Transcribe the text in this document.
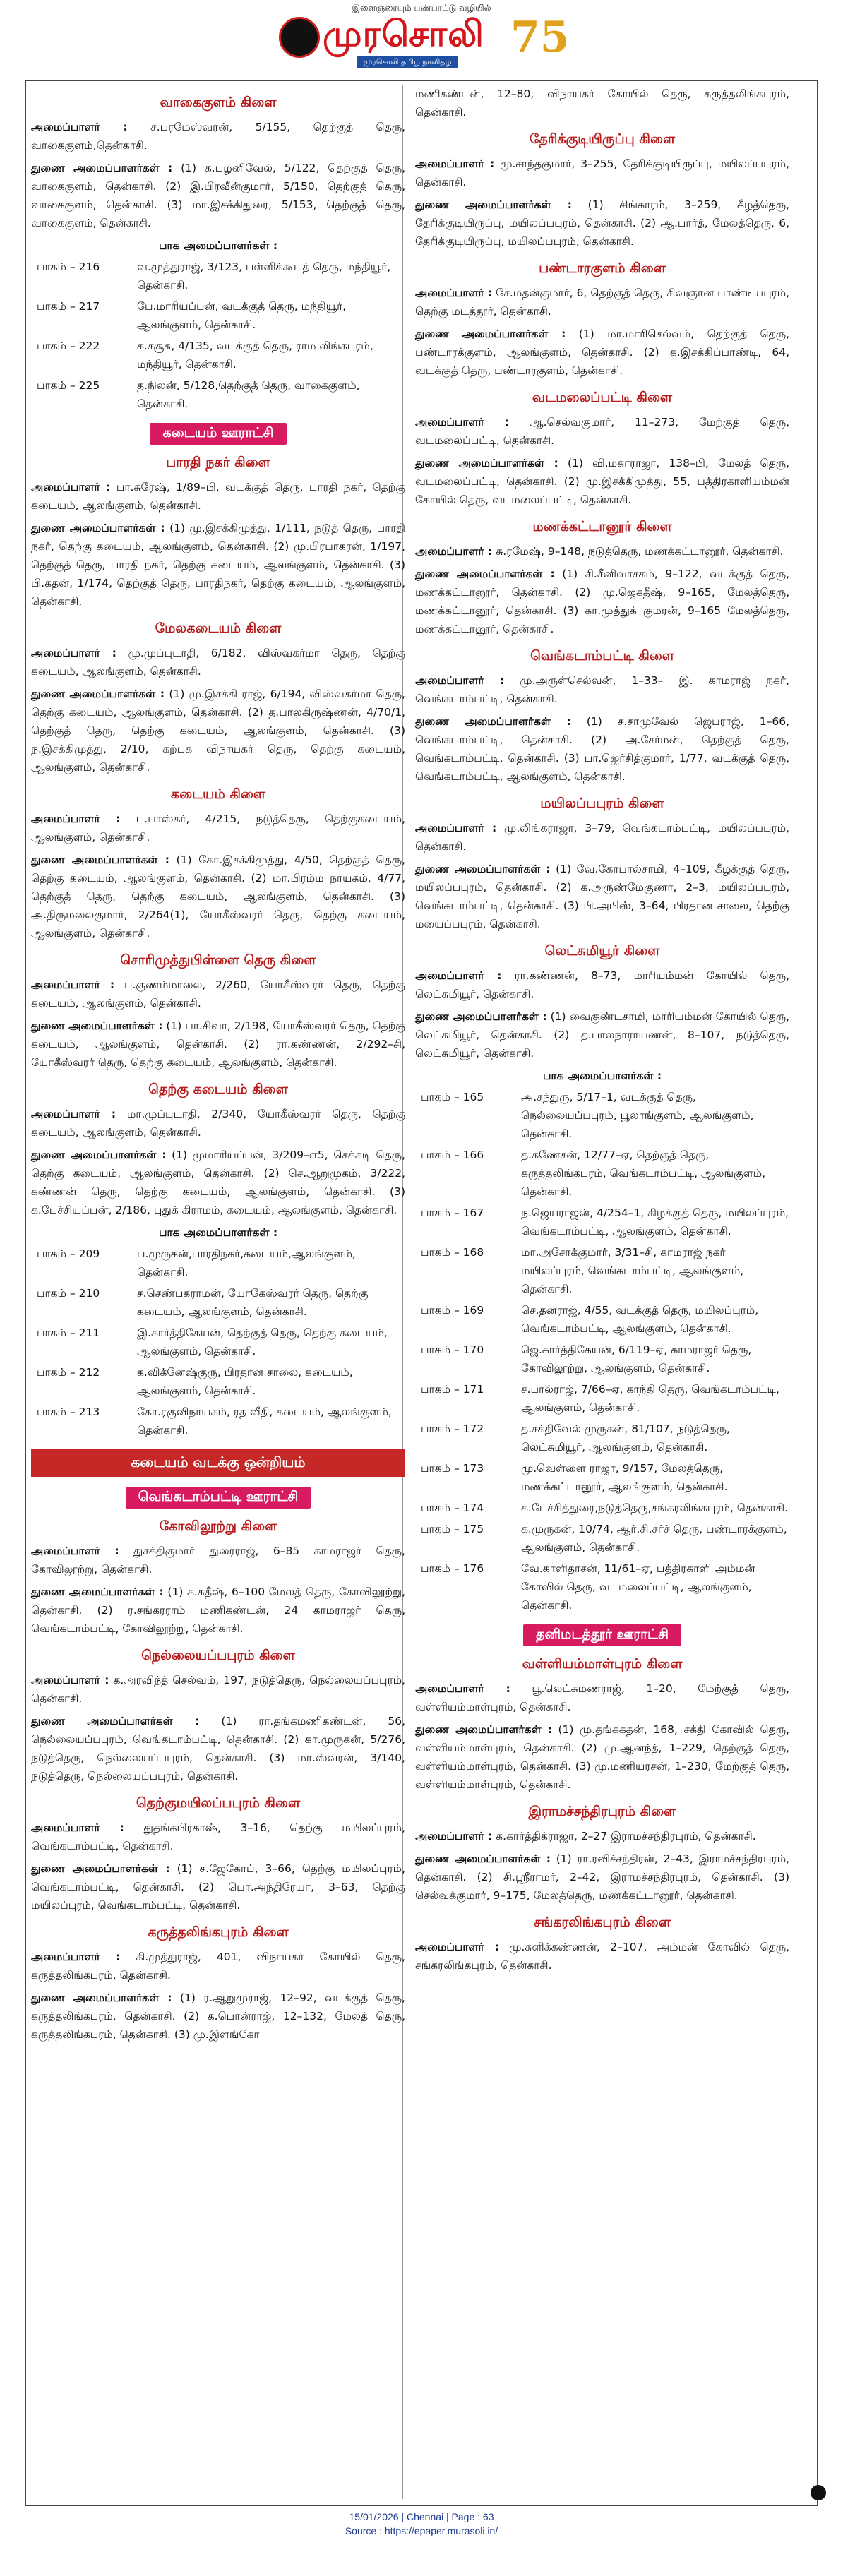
இளைஞரையும் பண்பாட்டு வழியில்
முரசொலி
முரசொலி தமிழ் நாளிதழ் 75
வாகைகுளம் கிளை
அமைப்பாளர் : ச.பரமேஸ்வரன், 5/155, தெற்குத் தெரு, வாகைகுளம்,தென்காசி.
துணை அமைப்பாளர்கள் : (1) க.பழனிவேல், 5/122, தெற்குத் தெரு, வாகைகுளம், தென்காசி. (2) இ.பிரவீன்குமார், 5/150, தெற்குத் தெரு, வாகைகுளம், தென்காசி. (3) மா.இசக்கிதுரை, 5/153, தெற்குத் தெரு, வாகைகுளம், தென்காசி.
பாக அமைப்பாளர்கள் :
பாகம் – 216	வ.முத்துராஜ், 3/123, பள்ளிக்கூடத் தெரு, மந்தியூர், தென்காசி.
பாகம் – 217	பே.மாரியப்பன், வடக்குத் தெரு, மந்தியூர், ஆலங்குளம், தென்காசி.
பாகம் – 222	க.சசூசு, 4/135, வடக்குத் தெரு, ராம லிங்கபுரம், மந்தியூர், தென்காசி.
பாகம் – 225	த.நிலன், 5/128,தெற்குத் தெரு, வாகைகுளம், தென்காசி.
கடையம் ஊராட்சி
பாரதி நகர் கிளை
அமைப்பாளர் : பா.சுரேஷ், 1/89–பி, வடக்குத் தெரு, பாரதி நகர், தெற்கு கடையம், ஆலங்குளம், தென்காசி.
துணை அமைப்பாளர்கள் : (1) மு.இசக்கிமுத்து, 1/111, நடுத் தெரு, பாரதி நகர், தெற்கு கடையம், ஆலங்குளம், தென்காசி. (2) மு.பிரபாகரன், 1/197, தெற்குத் தெரு, பாரதி நகர், தெற்கு கடையம், ஆலங்குளம், தென்காசி. (3) பி.கதன், 1/174, தெற்குத் தெரு, பாரதிநகர், தெற்கு கடையம், ஆலங்குளம், தென்காசி.
மேலகடையம் கிளை
அமைப்பாளர் : மு.முப்புடாதி, 6/182, விஸ்வகர்மா தெரு, தெற்கு கடையம், ஆலங்குளம், தென்காசி.
துணை அமைப்பாளர்கள் : (1) மு.இசக்கி ராஜ், 6/194, விஸ்வகர்மா தெரு, தெற்கு கடையம், ஆலங்குளம், தென்காசி. (2) த.பாலகிருஷ்ணன், 4/70/1, தெற்குத் தெரு, தெற்கு கடையம், ஆலங்குளம், தென்காசி. (3) ந.இசக்கிமுத்து, 2/10, கற்பக விநாயகர் தெரு, தெற்கு கடையம், ஆலங்குளம், தென்காசி.
கடையம் கிளை
அமைப்பாளர் : ப.பாஸ்கர், 4/215, நடுத்தெரு, தெற்குகடையம், ஆலங்குளம், தென்காசி.
துணை அமைப்பாளர்கள் : (1) கோ.இசக்கிமுத்து, 4/50, தெற்குத் தெரு, தெற்கு கடையம், ஆலங்குளம், தென்காசி. (2) மா.பிரம்ம நாயகம், 4/77, தெற்குத் தெரு, தெற்கு கடையம், ஆலங்குளம், தென்காசி. (3) அ.திருமலைகுமார், 2/264(1), யோகீஸ்வரர் தெரு, தெற்கு கடையம், ஆலங்குளம், தென்காசி.
சொரிமுத்துபிள்ளை தெரு கிளை
அமைப்பாளர் : ப.குணம்மாலை, 2/260, யோகீஸ்வரர் தெரு, தெற்கு கடையம், ஆலங்குளம், தென்காசி.
துணை அமைப்பாளர்கள் : (1) பா.சிவா, 2/198, யோகீஸ்வரர் தெரு, தெற்கு கடையம், ஆலங்குளம், தென்காசி. (2) ரா.கண்ணன், 2/292–சி, யோகீஸ்வரர் தெரு, தெற்கு கடையம், ஆலங்குளம், தென்காசி.
தெற்கு கடையம் கிளை
அமைப்பாளர் : மா.முப்புடாதி, 2/340, யோகீஸ்வரர் தெரு, தெற்கு கடையம், ஆலங்குளம், தென்காசி.
துணை அமைப்பாளர்கள் : (1) முமாரியப்பன், 3/209–எ5, செக்கடி தெரு, தெற்கு கடையம், ஆலங்குளம், தென்காசி. (2) செ.ஆறுமுகம், 3/222, கண்ணன் தெரு, தெற்கு கடையம், ஆலங்குளம், தென்காசி. (3) க.பேச்சியப்பன், 2/186, புதுக் கிராமம், கடையம், ஆலங்குளம், தென்காசி.
பாக அமைப்பாளர்கள் :
பாகம் – 209	ப.முருகன்,பாரதிநகர்,கடையம்,ஆலங்குளம், தென்காசி.
பாகம் – 210	ச.செண்பகராமன், யோகேஸ்வரர் தெரு, தெற்கு கடையம், ஆலங்குளம், தென்காசி.
பாகம் – 211	இ.கார்த்திகேயன், தெற்குத் தெரு, தெற்கு கடையம், ஆலங்குளம், தென்காசி.
பாகம் – 212	க.விக்னேஷ்குரு, பிரதான சாலை, கடையம், ஆலங்குளம், தென்காசி.
பாகம் – 213	கோ.ரகுவிநாயகம், ரத வீதி, கடையம், ஆலங்குளம், தென்காசி.
கடையம் வடக்கு ஒன்றியம்
வெங்கடாம்பட்டி ஊராட்சி
கோவிலூற்று கிளை
அமைப்பாளர் : துசக்திகுமார் துரைராஜ், 6–85 காமராஜர் தெரு, கோவிலூற்று, தென்காசி.
துணை அமைப்பாளர்கள் : (1) க.சுதீஷ், 6–100 மேலத் தெரு, கோவிலூற்று, தென்காசி. (2) ர.சங்கரராம் மணிகண்டன், 24 காமராஜர் தெரு, வெங்கடாம்பட்டி, கோவிலூற்று, தென்காசி.
நெல்லையப்பபுரம் கிளை
அமைப்பாளர் : க.அரவிந்த் செல்வம், 197, நடுத்தெரு, நெல்லையப்பபுரம், தென்காசி.
துணை அமைப்பாளர்கள் : (1) ரா.தங்கமணிகண்டன், 56, நெல்லையப்பபுரம், வெங்கடாம்பட்டி, தென்காசி. (2) கா.முருகன், 5/276, நடுத்தெரு, நெல்லையப்பபுரம், தென்காசி. (3) மா.ஸ்வரன், 3/140, நடுத்தெரு, நெல்லையப்பபுரம், தென்காசி.
தெற்குமயிலப்பபுரம் கிளை
அமைப்பாளர் : துதங்கபிரகாஷ், 3–16, தெற்கு மயிலப்புரம், வெங்கடாம்பட்டி, தென்காசி.
துணை அமைப்பாளர்கள் : (1) ச.ஜேகோப், 3–66, தெற்கு மயிலப்புரம், வெங்கடாம்பட்டி, தென்காசி. (2) பொ.அந்திரேயா, 3–63, தெற்கு மயிலப்புரம், வெங்கடாம்பட்டி, தென்காசி.
கருத்தலிங்கபுரம் கிளை
அமைப்பாளர் : கி.முத்துராஜ், 401, விநாயகர் கோயில் தெரு, கருத்தலிங்கபுரம், தென்காசி.
துணை அமைப்பாளர்கள் : (1) ர.ஆறுமுராஜ், 12–92, வடக்குத் தெரு, கருத்தலிங்கபுரம், தென்காசி. (2) க.பொன்ராஜ், 12–132, மேலத் தெரு, கருத்தலிங்கபுரம், தென்காசி. (3) மு.இளங்கோ
மணிகண்டன், 12–80, விநாயகர் கோயில் தெரு, கருத்தலிங்கபுரம், தென்காசி.
தேரிக்குடியிருப்பு கிளை
அமைப்பாளர் : மு.சாந்தகுமார், 3–255, தேரிக்குடியிருப்பு, மயிலப்பபுரம், தென்காசி.
துணை அமைப்பாளர்கள் : (1) சிங்காரம், 3–259, கீழத்தெரு, தேரிக்குடியிருப்பு, மயிலப்பபுரம், தென்காசி. (2) ஆ.பார்த், மேலத்தெரு, 6, தேரிக்குடியிருப்பு, மயிலப்பபுரம், தென்காசி.
பண்டாரகுளம் கிளை
அமைப்பாளர் : சே.மதன்குமார், 6, தெற்குத் தெரு, சிவஞான பாண்டியபுரம், தெற்கு மடத்தூர், தென்காசி.
துணை அமைப்பாளர்கள் : (1) மா.மாரிசெல்வம், தெற்குத் தெரு, பண்டாரக்குளம், ஆலங்குளம், தென்காசி. (2) க.இசக்கிப்பாண்டி, 64, வடக்குத் தெரு, பண்டாரகுளம், தென்காசி.
வடமலைப்பட்டி கிளை
அமைப்பாளர் : ஆ.செல்வகுமார், 11–273, மேற்குத் தெரு, வடமலைப்பட்டி, தென்காசி.
துணை அமைப்பாளர்கள் : (1) வி.மகாராஜா, 138–பி, மேலத் தெரு, வடமலைப்பட்டி, தென்காசி. (2) மு.இசக்கிமுத்து, 55, பத்திரகாளியம்மன் கோயில் தெரு, வடமலைப்பட்டி, தென்காசி.
மணக்கட்டானூர் கிளை
அமைப்பாளர் : சு.ரமேஷ், 9–148, நடுத்தெரு, மணக்கட்டானூர், தென்காசி.
துணை அமைப்பாளர்கள் : (1) சி.சீனிவாசகம், 9–122, வடக்குத் தெரு, மணக்கட்டானூர், தென்காசி. (2) மு.ஜெகதீஷ், 9–165, மேலத்தெரு, மணக்கட்டானூர், தென்காசி. (3) கா.முத்துக் குமரன், 9–165 மேலத்தெரு, மணக்கட்டானூர், தென்காசி.
வெங்கடாம்பட்டி கிளை
அமைப்பாளர் : மு.அருள்செல்வன், 1–33– இ. காமராஜ் நகர், வெங்கடாம்பட்டி, தென்காசி.
துணை அமைப்பாளர்கள் : (1) ச.சாமுவேல் ஜெபராஜ், 1–66, வெங்கடாம்பட்டி, தென்காசி. (2) அ.சேர்மன், தெற்குத் தெரு, வெங்கடாம்பட்டி, தென்காசி. (3) பா.ஜெர்சித்குமார், 1/77, வடக்குத் தெரு, வெங்கடாம்பட்டி, ஆலங்குளம், தென்காசி.
மயிலப்பபுரம் கிளை
அமைப்பாளர் : மு.லிங்கராஜா, 3–79, வெங்கடாம்பட்டி, மயிலப்பபுரம், தென்காசி.
துணை அமைப்பாளர்கள் : (1) வே.கோபால்சாமி, 4–109, கீழக்குத் தெரு, மயிலப்பபுரம், தென்காசி. (2) க.அருண்மேகுணா, 2–3, மயிலப்பபுரம், வெங்கடாம்பட்டி, தென்காசி. (3) பி.அபிஸ், 3–64, பிரதான சாலை, தெற்கு மயைப்பபுரம், தென்காசி.
லெட்சுமியூர் கிளை
அமைப்பாளர் : ரா.கண்ணன், 8–73, மாரியம்மன் கோயில் தெரு, லெட்சுமியூர், தென்காசி.
துணை அமைப்பாளர்கள் : (1) வைகுண்டசாமி, மாரியம்மன் கோயில் தெரு, லெட்சுமியூர், தென்காசி. (2) த.பாலநாராயணன், 8–107, நடுத்தெரு, லெட்சுமியூர், தென்காசி.
பாக அமைப்பாளர்கள் :
பாகம் – 165	அ.சந்துரு, 5/17–1, வடக்குத் தெரு, நெல்லையப்பபுரம், பூலாங்குளம், ஆலங்குளம், தென்காசி.
பாகம் – 166	த.கணேசன், 12/77–ஏ, தெற்குத் தெரு, கருத்தலிங்கபுரம், வெங்கடாம்பட்டி, ஆலங்குளம், தென்காசி.
பாகம் – 167	ந.ஜெயராஜன், 4/254–1, கிழக்குத் தெரு, மயிலப்புரம், வெங்கடாம்பட்டி, ஆலங்குளம், தென்காசி.
பாகம் – 168	மா.அசோக்குமார், 3/31–சி, காமராஜ் நகர் மயிலப்புரம், வெங்கடாம்பட்டி, ஆலங்குளம், தென்காசி.
பாகம் – 169	செ.தனராஜ், 4/55, வடக்குத் தெரு, மயிலப்புரம், வெங்கடாம்பட்டி, ஆலங்குளம், தென்காசி.
பாகம் – 170	ஜெ.கார்த்திகேயன், 6/119–ஏ, காமராஜர் தெரு, கோவிலூற்று, ஆலங்குளம், தென்காசி.
பாகம் – 171	ச.பால்ராஜ், 7/66–ஏ, காந்தி தெரு, வெங்கடாம்பட்டி, ஆலங்குளம், தென்காசி.
பாகம் – 172	த.சக்திவேல் முருகன், 81/107, நடுத்தெரு, லெட்சுமியூர், ஆலங்குளம், தென்காசி.
பாகம் – 173	மு.வெள்ளை ராஜா, 9/157, மேலத்தெரு, மணக்கட்டானூர், ஆலங்குளம், தென்காசி.
பாகம் – 174	க.பேச்சித்துரை,நடுத்தெரு,சங்கரலிங்கபுரம், தென்காசி.
பாகம் – 175	க.முருகன், 10/74, ஆர்.சி.சர்ச் தெரு, பண்டாரக்குளம், ஆலங்குளம், தென்காசி.
பாகம் – 176	வே.காளிதாசன், 11/61–ஏ, பத்திரகாளி அம்மன் கோவில் தெரு, வடமலைப்பட்டி, ஆலங்குளம், தென்காசி.
தனிமடத்தூர் ஊராட்சி
வள்ளியம்மாள்புரம் கிளை
அமைப்பாளர் : பூ.லெட்சுமணராஜ், 1–20, மேற்குத் தெரு, வள்ளியம்மாள்புரம், தென்காசி.
துணை அமைப்பாளர்கள் : (1) மு.தங்ககதன், 168, சக்தி கோவில் தெரு, வள்ளியம்மாள்புரம், தென்காசி. (2) மு.ஆனந்த், 1–229, தெற்குத் தெரு, வள்ளியம்மாள்புரம், தென்காசி. (3) மு.மணியரசன், 1–230, மேற்குத் தெரு, வள்ளியம்மாள்புரம், தென்காசி.
இராமச்சந்திரபுரம் கிளை
அமைப்பாளர் : க.கார்த்திக்ராஜா, 2–27 இராமச்சந்திரபுரம், தென்காசி.
துணை அமைப்பாளர்கள் : (1) ரா.ரவிச்சந்திரன், 2–43, இராமச்சந்திரபுரம், தென்காசி. (2) சி.ஸ்ரீராமர், 2–42, இராமச்சந்திரபுரம், தென்காசி. (3) செல்வக்குமார், 9–175, மேலத்தெரு, மணக்கட்டானூர், தென்காசி.
சங்கரலிங்கபுரம் கிளை
அமைப்பாளர் : மு.சுளிக்கண்ணன், 2–107, அம்மன் கோவில் தெரு, சங்கரலிங்கபுரம், தென்காசி.
15/01/2026 | Chennai | Page : 63
Source : https://epaper.murasoli.in/
